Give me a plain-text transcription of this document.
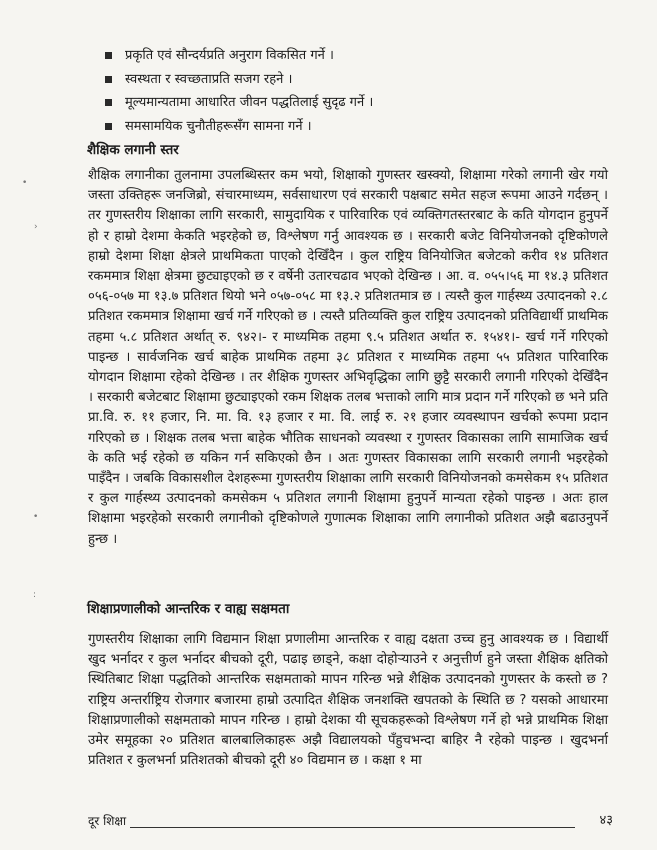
प्रकृति एवं सौन्दर्यप्रति अनुराग विकसित गर्ने ।
स्वस्थता र स्वच्छताप्रति सजग रहने ।
मूल्यमान्यतामा आधारित जीवन पद्धतिलाई सुदृढ गर्ने ।
समसामयिक चुनौतीहरूसँग सामना गर्ने ।
शैक्षिक लगानी स्तर

शैक्षिक लगानीका तुलनामा उपलब्धिस्तर कम भयो, शिक्षाको गुणस्तर खस्क्यो, शिक्षामा गरेको लगानी खेर गयो जस्ता उक्तिहरू जनजिब्रो, संचारमाध्यम, सर्वसाधारण एवं सरकारी पक्षबाट समेत सहज रूपमा आउने गर्दछन् । तर गुणस्तरीय शिक्षाका लागि सरकारी, सामुदायिक र पारिवारिक एवं व्यक्तिगतस्तरबाट के कति योगदान हुनुपर्ने हो र हाम्रो देशमा केकति भइरहेको छ, विश्लेषण गर्नु आवश्यक छ । सरकारी बजेट विनियोजनको दृष्टिकोणले हाम्रो देशमा शिक्षा क्षेत्रले प्राथमिकता पाएको देखिँदैन । कुल राष्ट्रिय विनियोजित बजेटको करीव १४ प्रतिशत रकममात्र शिक्षा क्षेत्रमा छुट्याइएको छ र वर्षेनी उतारचढाव भएको देखिन्छ । आ. व. ०५५।५६ मा १४.३ प्रतिशत ०५६-०५७ मा १३.७ प्रतिशत थियो भने ०५७-०५८ मा १३.२ प्रतिशतमात्र छ । त्यस्तै कुल गार्हस्थ्य उत्पादनको २.८ प्रतिशत रकममात्र शिक्षामा खर्च गर्ने गरिएको छ । त्यस्तै प्रतिव्यक्ति कुल राष्ट्रिय उत्पादनको प्रतिविद्यार्थी प्राथमिक तहमा ५.८ प्रतिशत अर्थात् रु. ९४२।- र माध्यमिक तहमा ९.५ प्रतिशत अर्थात रु. १५४१।- खर्च गर्ने गरिएको पाइन्छ । सार्वजनिक खर्च बाहेक प्राथमिक तहमा ३८ प्रतिशत र माध्यमिक तहमा ५५ प्रतिशत पारिवारिक योगदान शिक्षामा रहेको देखिन्छ । तर शैक्षिक गुणस्तर अभिवृद्धिका लागि छुट्टै सरकारी लगानी गरिएको देखिँदैन । सरकारी बजेटबाट शिक्षामा छुट्याइएको रकम शिक्षक तलब भत्ताको लागि मात्र प्रदान गर्ने गरिएको छ भने प्रति प्रा.वि. रु. ११ हजार, नि. मा. वि. १३ हजार र मा. वि. लाई रु. २१ हजार व्यवस्थापन खर्चको रूपमा प्रदान गरिएको छ । शिक्षक तलब भत्ता बाहेक भौतिक साधनको व्यवस्था र गुणस्तर विकासका लागि सामाजिक खर्च के कति भई रहेको छ यकिन गर्न सकिएको छैन । अतः गुणस्तर विकासका लागि सरकारी लगानी भइरहेको पाइँदैन । जबकि विकासशील देशहरूमा गुणस्तरीय शिक्षाका लागि सरकारी विनियोजनको कमसेकम १५ प्रतिशत र कुल गार्हस्थ्य उत्पादनको कमसेकम ५ प्रतिशत लगानी शिक्षामा हुनुपर्ने मान्यता रहेको पाइन्छ । अतः हाल शिक्षामा भइरहेको सरकारी लगानीको दृष्टिकोणले गुणात्मक शिक्षाका लागि लगानीको प्रतिशत अझै बढाउनुपर्ने हुन्छ ।

शिक्षाप्रणालीको आन्तरिक र वाह्य सक्षमता

गुणस्तरीय शिक्षाका लागि विद्यमान शिक्षा प्रणालीमा आन्तरिक र वाह्य दक्षता उच्च हुनु आवश्यक छ । विद्यार्थी खुद भर्नादर र कुल भर्नादर बीचको दूरी, पढाइ छाड्ने, कक्षा दोहोऱ्याउने र अनुत्तीर्ण हुने जस्ता शैक्षिक क्षतिको स्थितिबाट शिक्षा पद्धतिको आन्तरिक सक्षमताको मापन गरिन्छ भन्ने शैक्षिक उत्पादनको गुणस्तर के कस्तो छ ? राष्ट्रिय अन्तर्राष्ट्रिय रोजगार बजारमा हाम्रो उत्पादित शैक्षिक जनशक्ति खपतको के स्थिति छ ? यसको आधारमा शिक्षाप्रणालीको सक्षमताको मापन गरिन्छ । हाम्रो देशका यी सूचकहरूको विश्लेषण गर्ने हो भन्ने प्राथमिक शिक्षा उमेर समूहका २० प्रतिशत बालबालिकाहरू अझै विद्यालयको पँहुचभन्दा बाहिर नै रहेको पाइन्छ । खुदभर्ना प्रतिशत र कुलभर्ना प्रतिशतको बीचको दूरी ४० विद्यमान छ । कक्षा १ मा

दूर शिक्षा	४३
•
›
•
:
